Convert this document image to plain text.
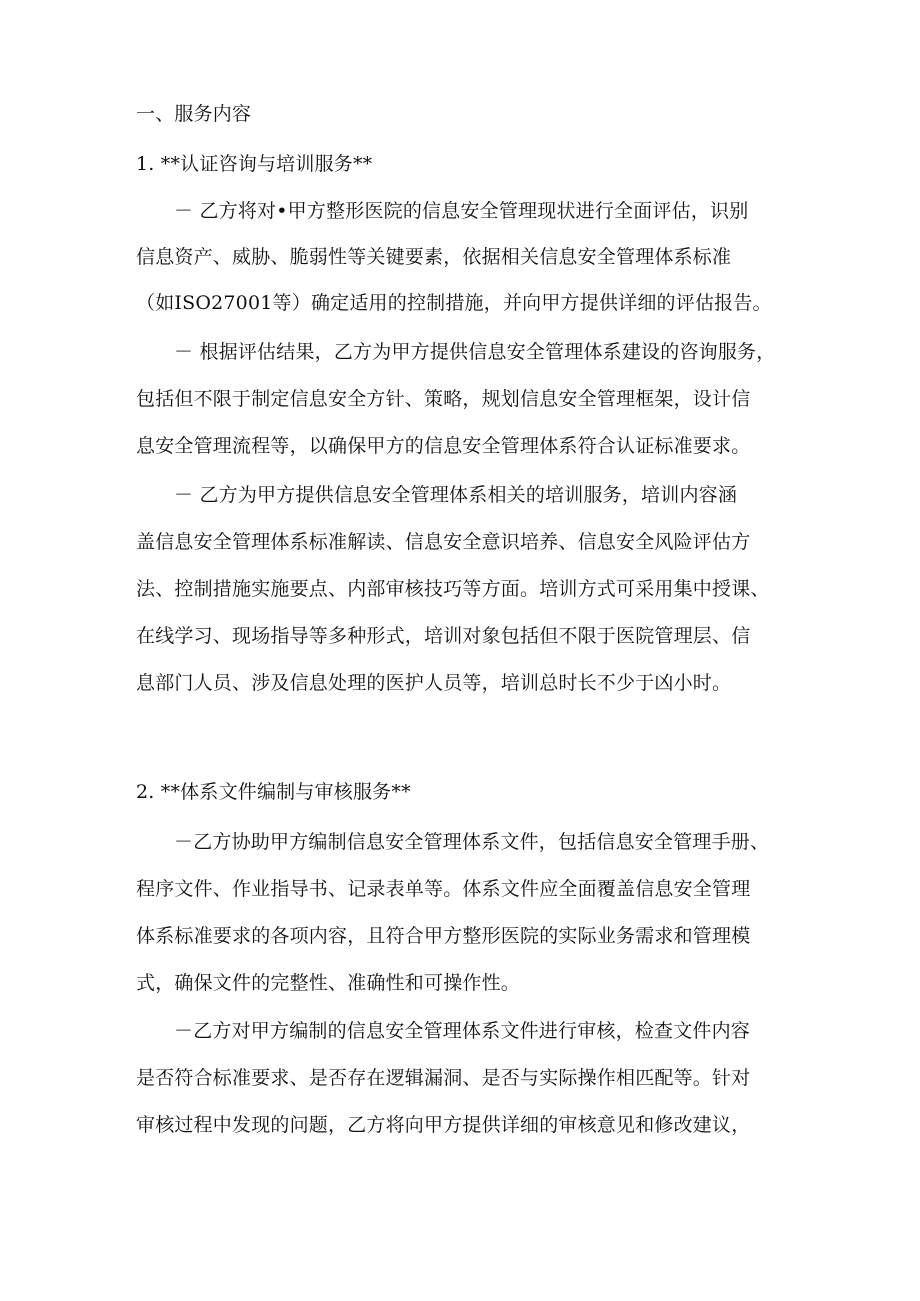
一、服务内容
1. **认证咨询与培训服务**
－ 乙方将对•甲方整形医院的信息安全管理现状进行全面评估，识别
信息资产、威胁、脆弱性等关键要素，依据相关信息安全管理体系标准
（如ISO27001等）确定适用的控制措施，并向甲方提供详细的评估报告。
－ 根据评估结果，乙方为甲方提供信息安全管理体系建设的咨询服务，
包括但不限于制定信息安全方针、策略，规划信息安全管理框架，设计信
息安全管理流程等，以确保甲方的信息安全管理体系符合认证标准要求。
－ 乙方为甲方提供信息安全管理体系相关的培训服务，培训内容涵
盖信息安全管理体系标准解读、信息安全意识培养、信息安全风险评估方
法、控制措施实施要点、内部审核技巧等方面。培训方式可采用集中授课、
在线学习、现场指导等多种形式，培训对象包括但不限于医院管理层、信
息部门人员、涉及信息处理的医护人员等，培训总时长不少于凶小时。
2. **体系文件编制与审核服务**
－乙方协助甲方编制信息安全管理体系文件，包括信息安全管理手册、
程序文件、作业指导书、记录表单等。体系文件应全面覆盖信息安全管理
体系标准要求的各项内容，且符合甲方整形医院的实际业务需求和管理模
式，确保文件的完整性、准确性和可操作性。
－乙方对甲方编制的信息安全管理体系文件进行审核，检查文件内容
是否符合标准要求、是否存在逻辑漏洞、是否与实际操作相匹配等。针对
审核过程中发现的问题，乙方将向甲方提供详细的审核意见和修改建议，
